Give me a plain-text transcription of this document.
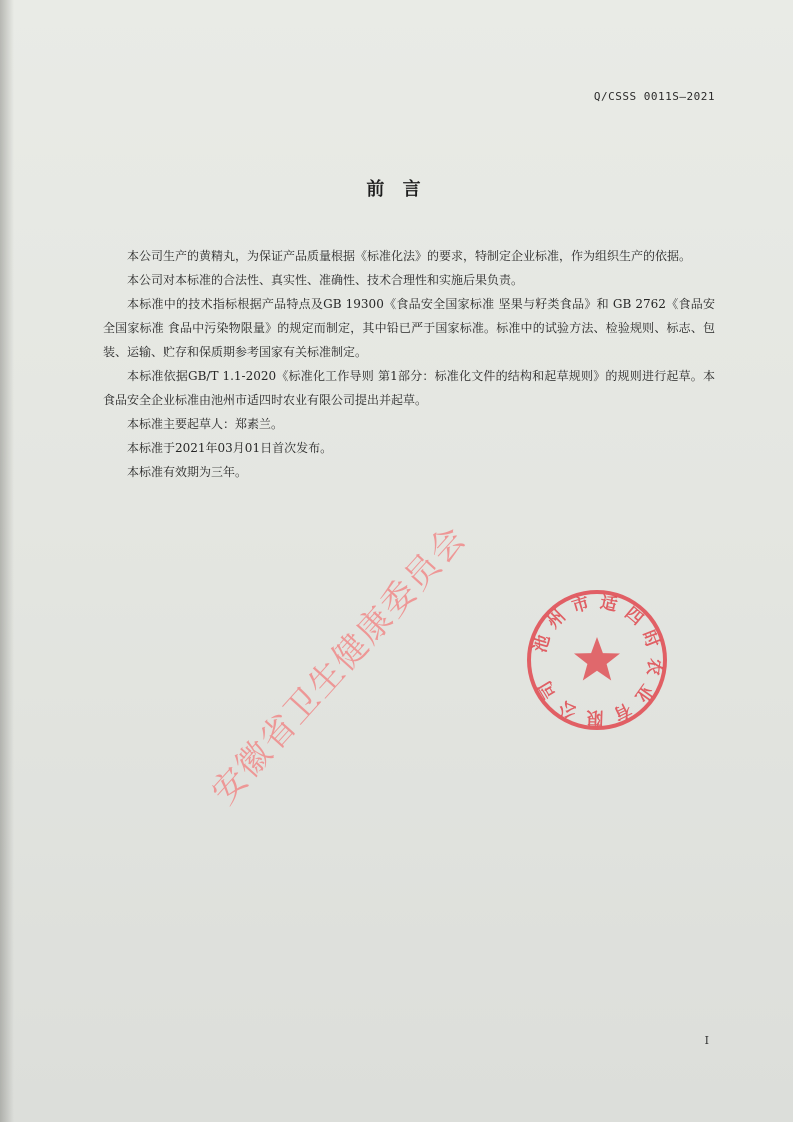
Q/CSSS 0011S—2021
前 言

本公司生产的黄精丸，为保证产品质量根据《标准化法》的要求，特制定企业标准，作为组织生产的依据。

本公司对本标准的合法性、真实性、准确性、技术合理性和实施后果负责。

本标准中的技术指标根据产品特点及GB 19300《食品安全国家标准 坚果与籽类食品》和 GB 2762《食品安全国家标准 食品中污染物限量》的规定而制定，其中铅已严于国家标准。标准中的试验方法、检验规则、标志、包装、运输、贮存和保质期参考国家有关标准制定。

本标准依据GB/T 1.1-2020《标准化工作导则 第1部分：标准化文件的结构和起草规则》的规则进行起草。本食品安全企业标准由池州市适四时农业有限公司提出并起草。

本标准主要起草人：郑素兰。

本标准于2021年03月01日首次发布。

本标准有效期为三年。

安徽省卫生健康委员会	池州市适四时农业有限公司
I
